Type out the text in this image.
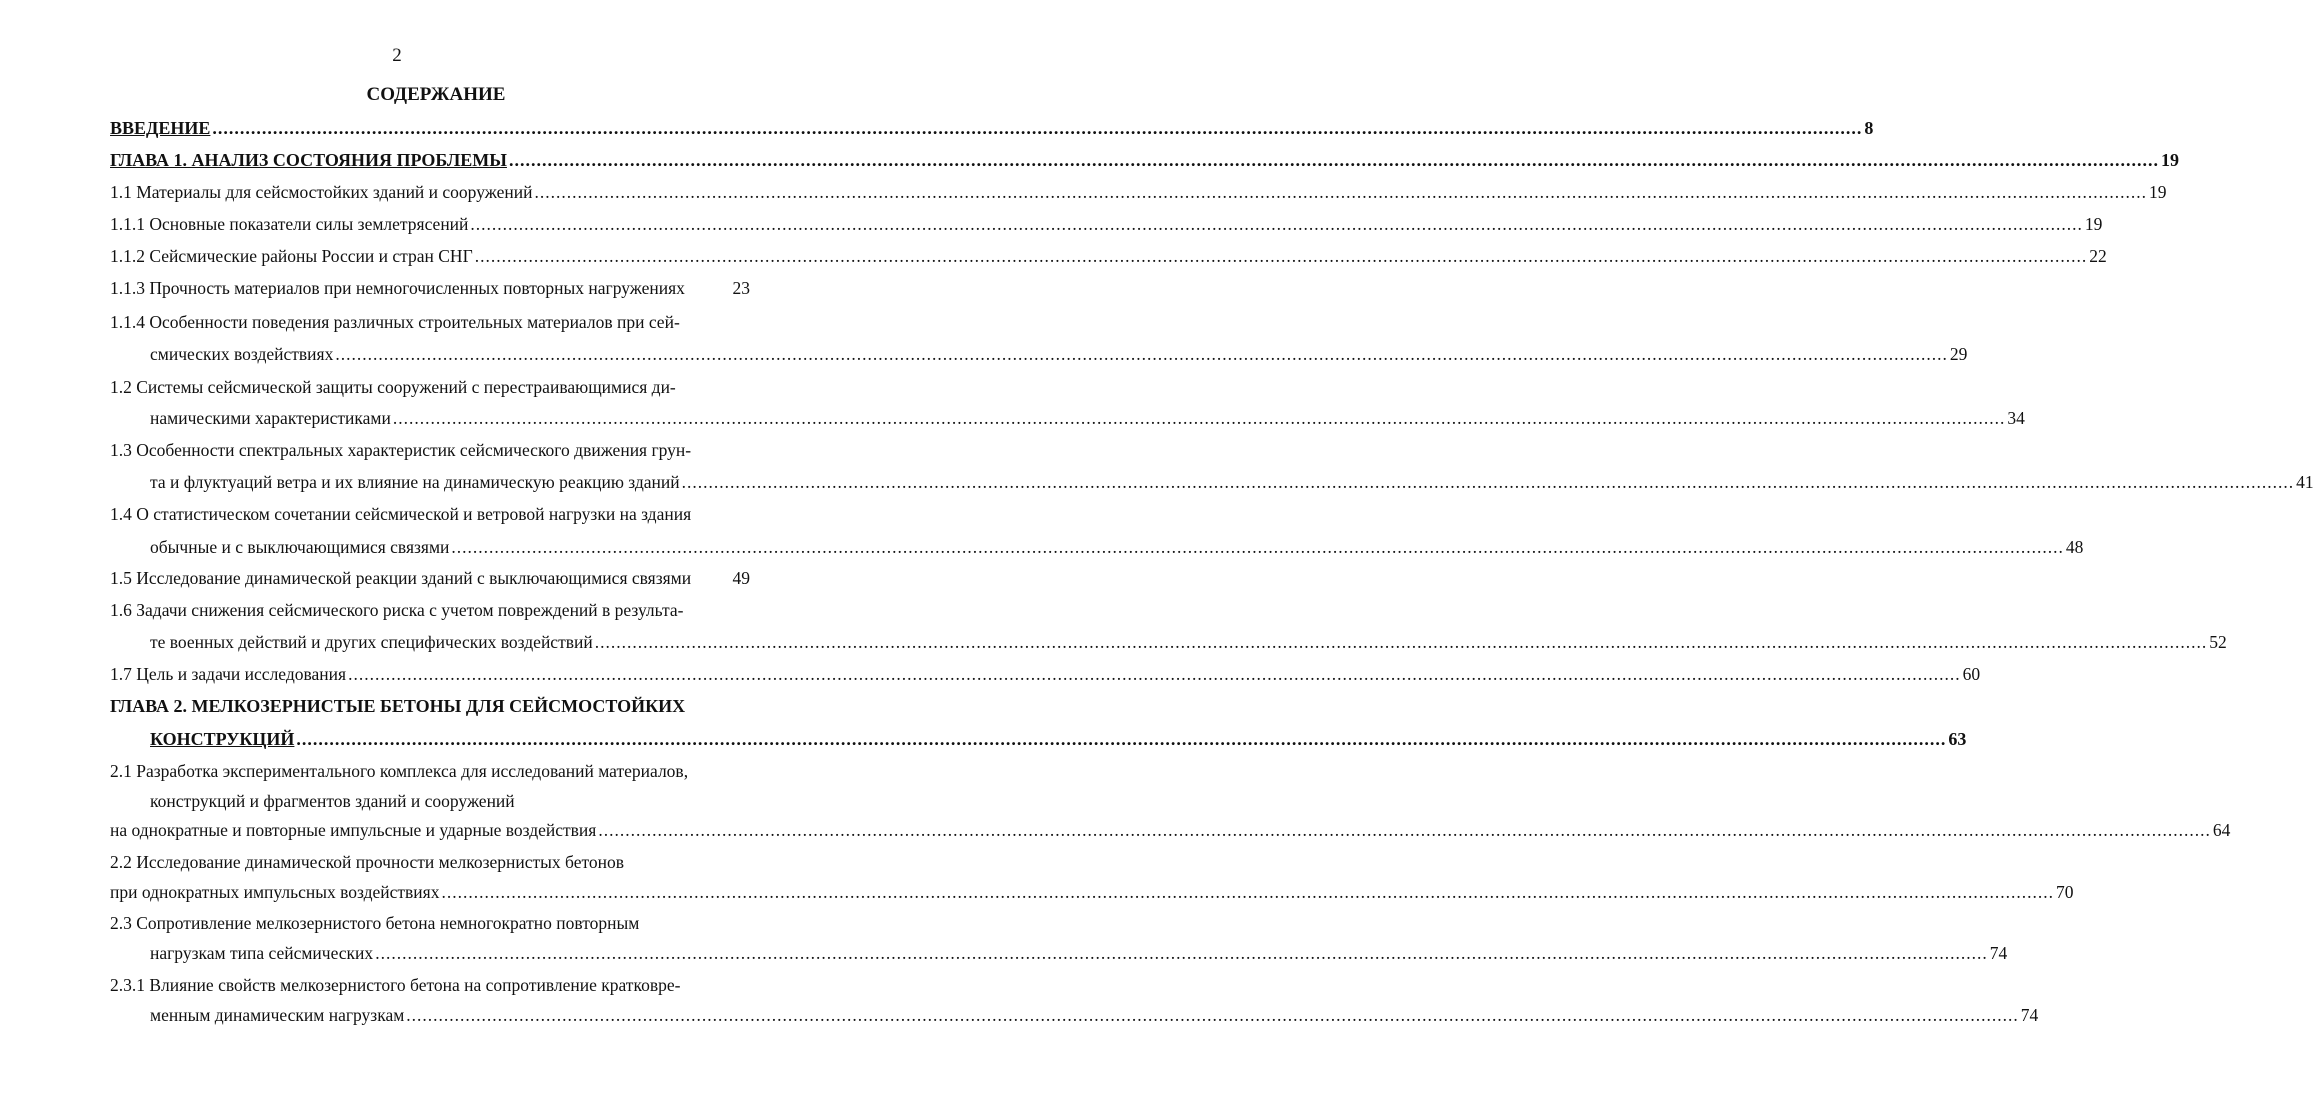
2
СОДЕРЖАНИЕ
ВВЕДЕНИЕ .....	8
ГЛАВА 1. АНАЛИЗ СОСТОЯНИЯ ПРОБЛЕМЫ .....	19
1.1 Материалы для сейсмостойких зданий и сооружений .....	19
1.1.1 Основные показатели силы землетрясений .....	19
1.1.2 Сейсмические районы России и стран СНГ .....	22
1.1.3 Прочность материалов при немногочисленных повторных нагружениях	23
1.1.4 Особенности поведения различных строительных материалов при сей-
смических воздействиях .....	29
1.2 Системы сейсмической защиты сооружений с перестраивающимися ди-
намическими характеристиками .....	34
1.3 Особенности спектральных характеристик сейсмического движения грун-
та и флуктуаций ветра и их влияние на динамическую реакцию зданий .....	41
1.4 О статистическом сочетании сейсмической и ветровой нагрузки на здания
обычные и с выключающимися связями .....	48
1.5 Исследование динамической реакции зданий с выключающимися связями 49
1.6 Задачи снижения сейсмического риска с учетом повреждений в результа-
те военных действий и других специфических воздействий .....	52
1.7 Цель и задачи исследования .....	60
ГЛАВА 2. МЕЛКОЗЕРНИСТЫЕ БЕТОНЫ ДЛЯ СЕЙСМОСТОЙКИХ
КОНСТРУКЦИЙ .....	63
2.1 Разработка экспериментального комплекса для исследований материалов,
конструкций и фрагментов зданий и сооружений
на однократные и повторные импульсные и ударные воздействия .....	64
2.2 Исследование динамической прочности мелкозернистых бетонов
при однократных импульсных воздействиях .....	70
2.3 Сопротивление мелкозернистого бетона немногократно повторным
нагрузкам типа сейсмических .....	74
2.3.1 Влияние свойств мелкозернистого бетона на сопротивление кратковре-
менным динамическим нагрузкам .....	74
